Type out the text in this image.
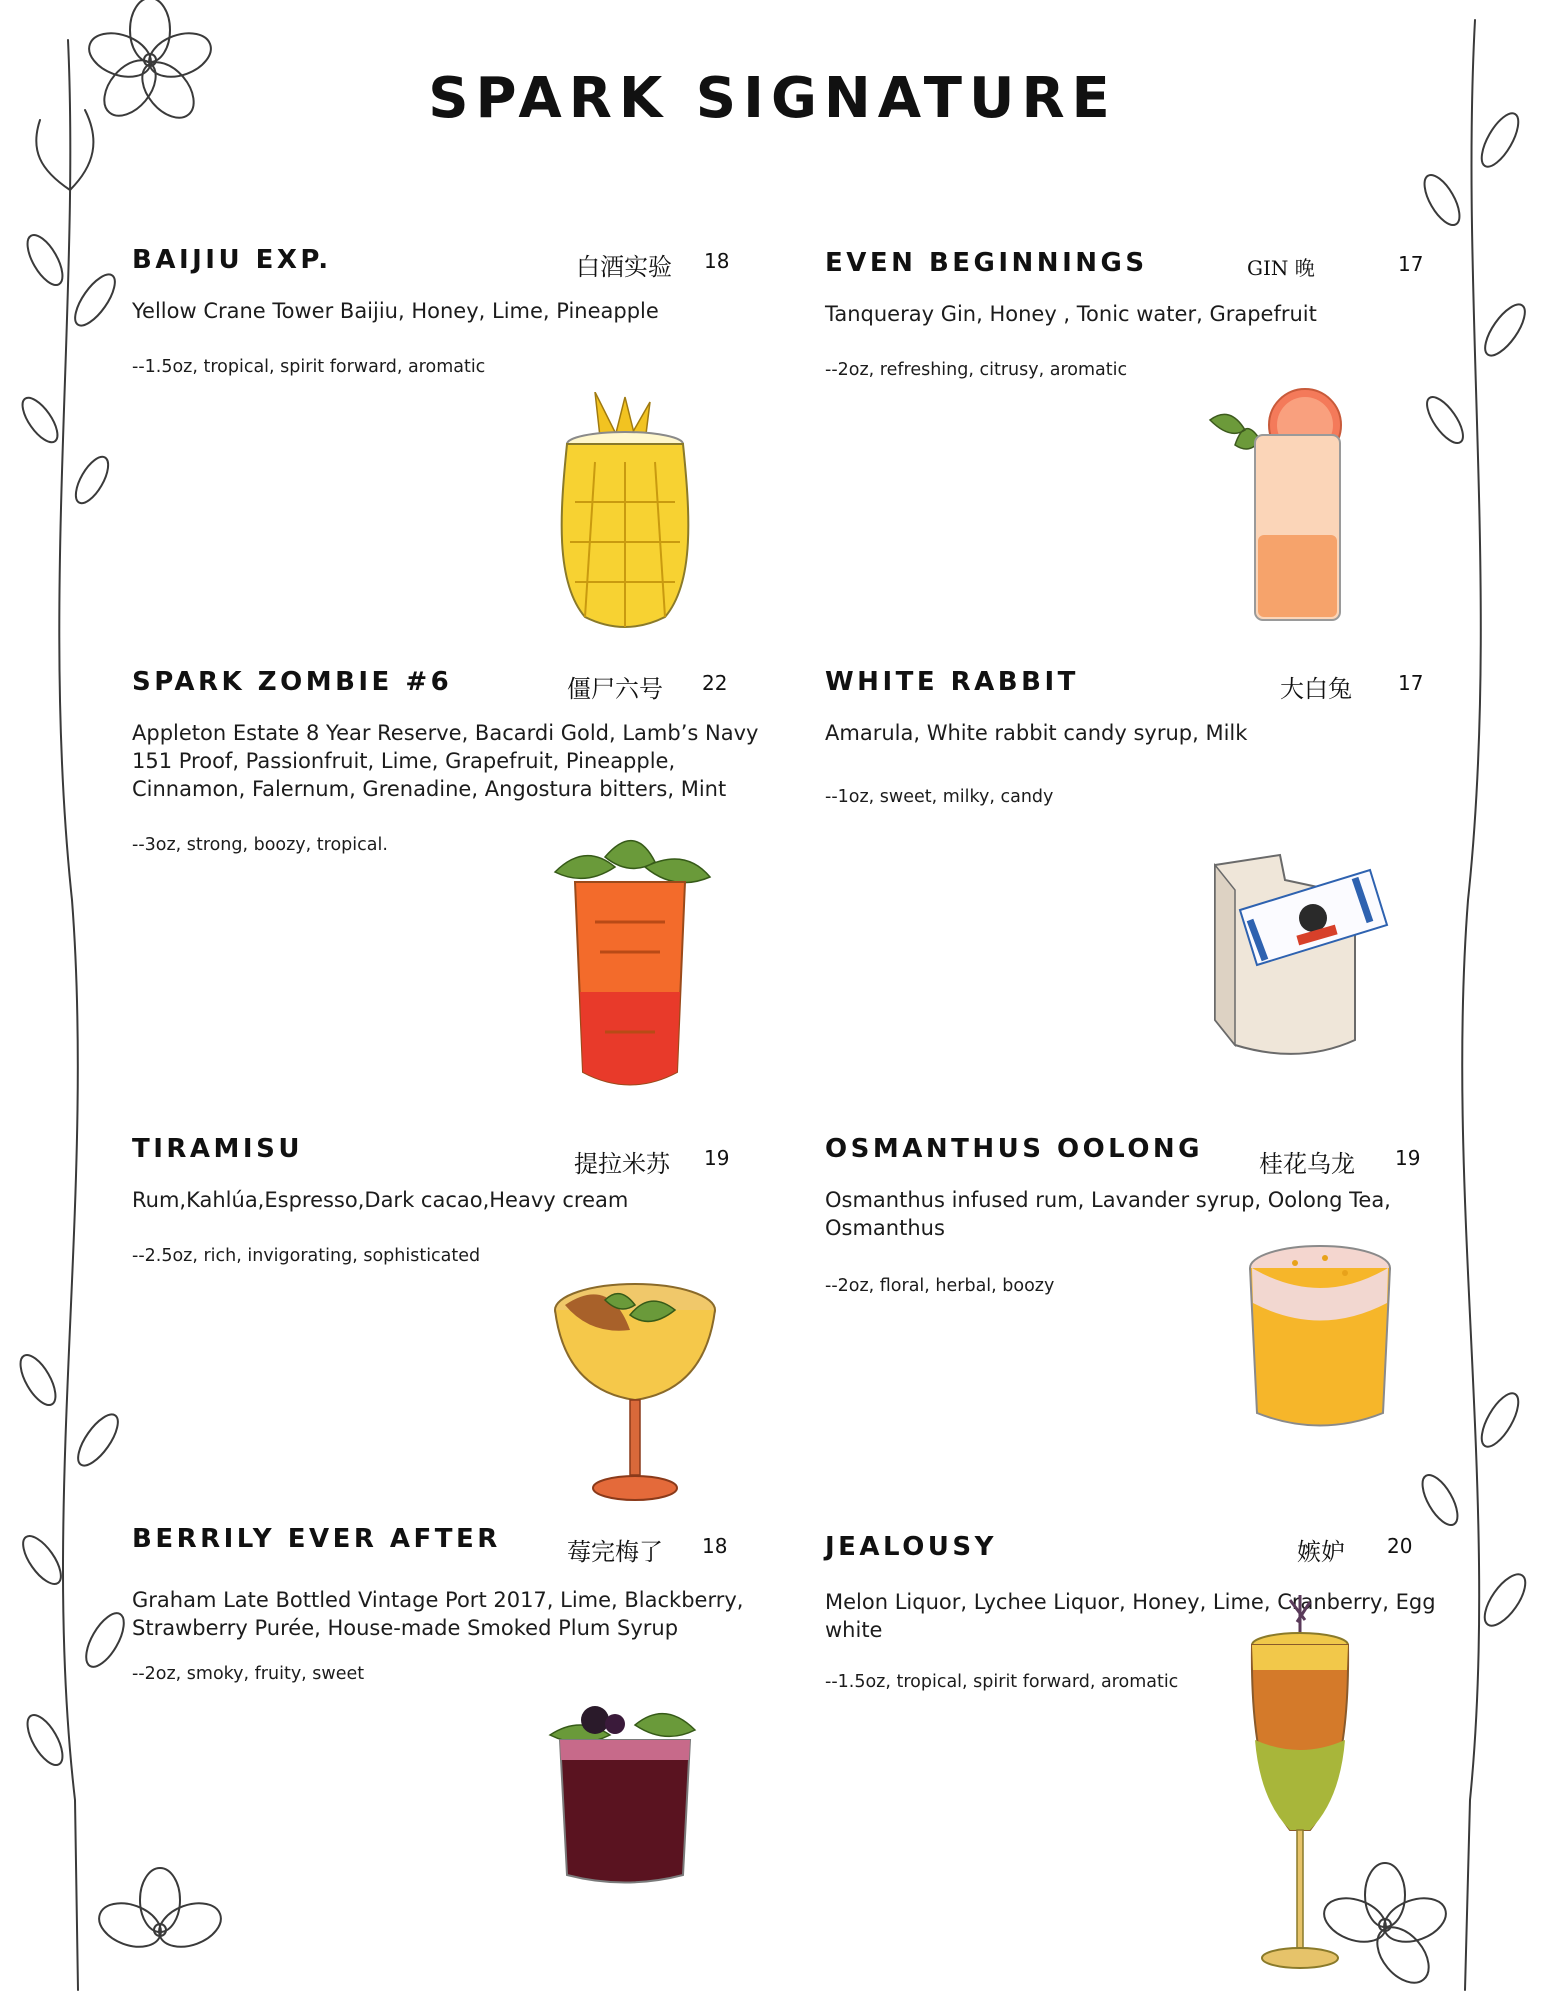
SPARK SIGNATURE
BAIJIU EXP.	白酒实验 18
Yellow Crane Tower Baijiu, Honey, Lime, Pineapple
--1.5oz, tropical, spirit forward, aromatic
EVEN BEGINNINGS	GIN 晚	17
Tanqueray Gin, Honey , Tonic water, Grapefruit
--2oz, refreshing, citrusy, aromatic
SPARK ZOMBIE #6	僵尸六号 22
Appleton Estate 8 Year Reserve, Bacardi Gold, Lamb’s Navy 151 Proof, Passionfruit, Lime, Grapefruit, Pineapple, Cinnamon, Falernum, Grenadine, Angostura bitters, Mint
--3oz, strong, boozy, tropical.
WHITE RABBIT	大白兔 17
Amarula, White rabbit candy syrup, Milk
--1oz, sweet, milky, candy
TIRAMISU	提拉米苏 19
Rum,Kahlúa,Espresso,Dark cacao,Heavy cream
--2.5oz, rich, invigorating, sophisticated
OSMANTHUS OOLONG 桂花乌龙 19
Osmanthus infused rum, Lavander syrup, Oolong Tea, Osmanthus
--2oz, floral, herbal, boozy
BERRILY EVER AFTER	莓完梅了 18
Graham Late Bottled Vintage Port 2017, Lime, Blackberry, Strawberry Purée, House-made Smoked Plum Syrup
--2oz, smoky, fruity, sweet
JEALOUSY	嫉妒 20
Melon Liquor, Lychee Liquor, Honey, Lime, Cranberry, Egg white
--1.5oz, tropical, spirit forward, aromatic
